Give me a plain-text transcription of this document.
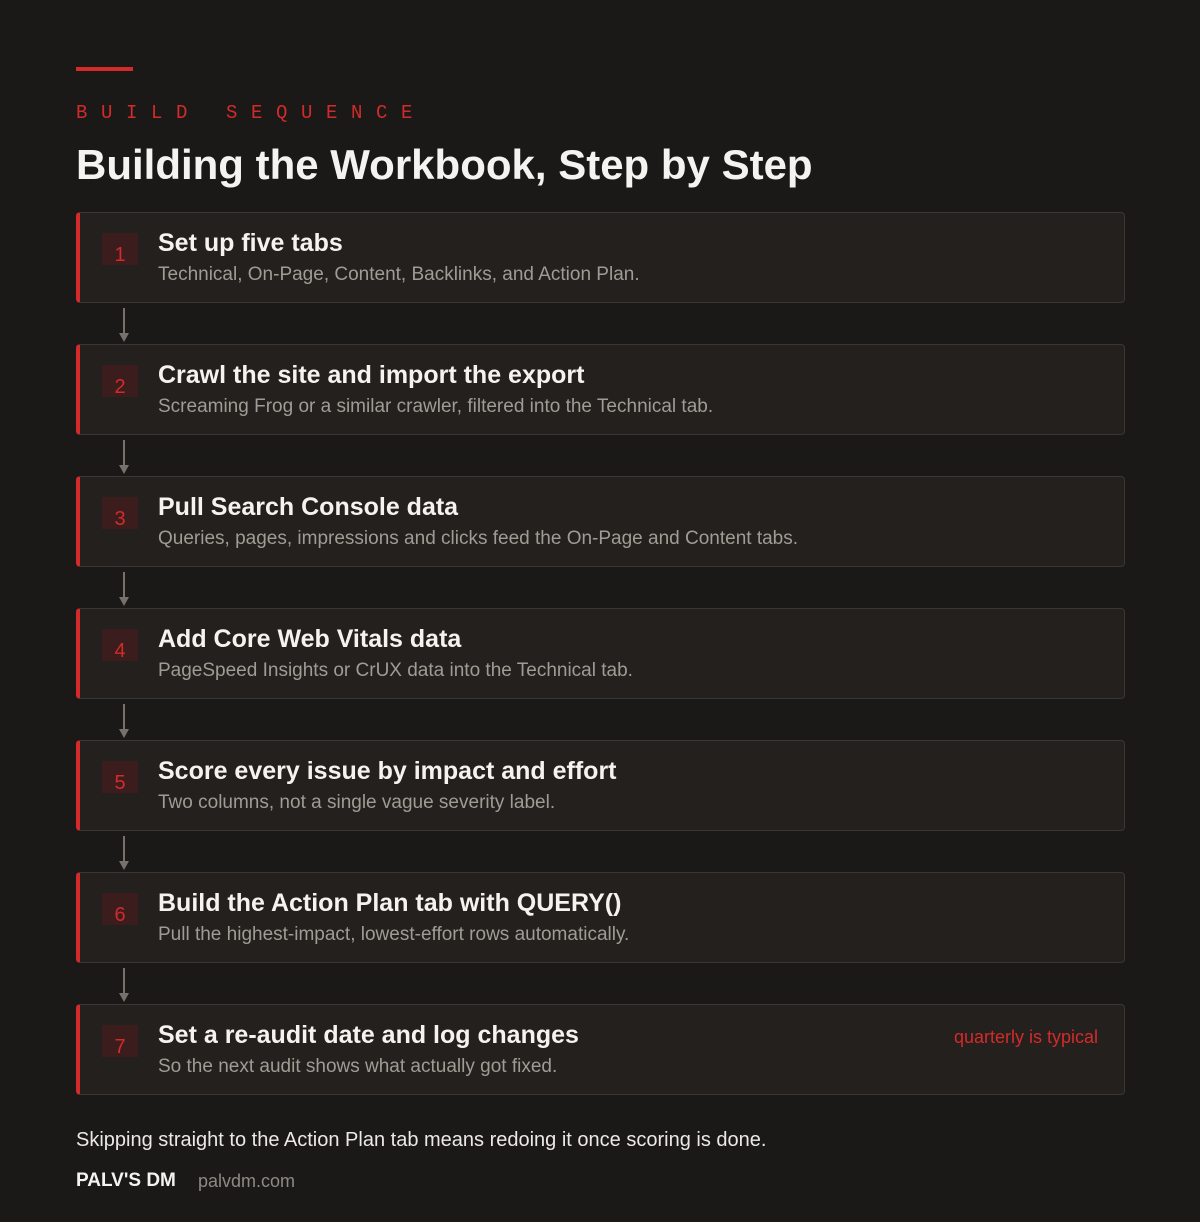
BUILD SEQUENCE
Building the Workbook, Step by Step
1	Set up five tabs
Technical, On-Page, Content, Backlinks, and Action Plan.
2	Crawl the site and import the export
Screaming Frog or a similar crawler, filtered into the Technical tab.
3	Pull Search Console data
Queries, pages, impressions and clicks feed the On-Page and Content tabs.
4	Add Core Web Vitals data
PageSpeed Insights or CrUX data into the Technical tab.
5	Score every issue by impact and effort
Two columns, not a single vague severity label.
6	Build the Action Plan tab with QUERY()
Pull the highest-impact, lowest-effort rows automatically.
7	Set a re-audit date and log changes
So the next audit shows what actually got fixed.
quarterly is typical

Skipping straight to the Action Plan tab means redoing it once scoring is done.

PALV'S DM palvdm.com
